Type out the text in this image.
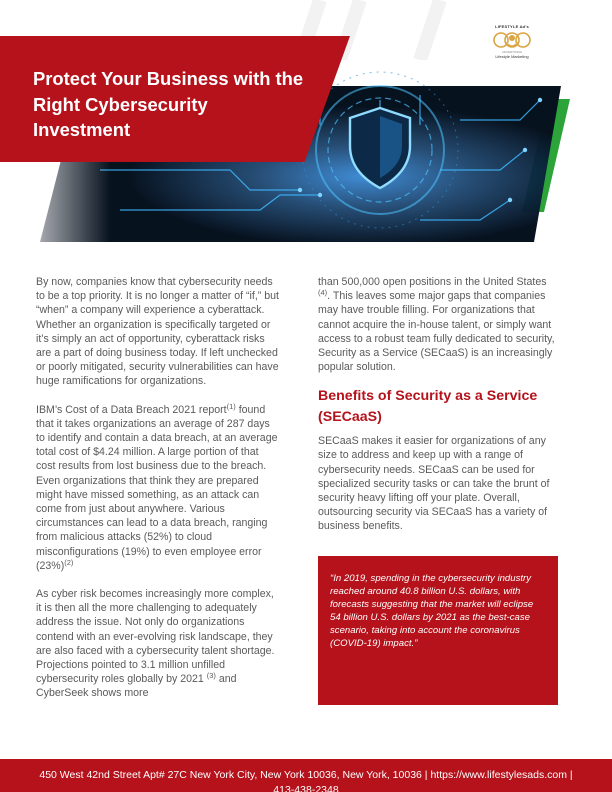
LIFESTYLE Ad's
ADVERTISING
Lifestyle Marketing
Protect Your Business with the Right Cybersecurity Investment

By now, companies know that cybersecurity needs to be a top priority. It is no longer a matter of “if,” but “when” a company will experience a cyberattack. Whether an organization is specifically targeted or it’s simply an act of opportunity, cyberattack risks are a part of doing business today. If left unchecked or poorly mitigated, security vulnerabilities can have huge ramifications for organizations.

IBM’s Cost of a Data Breach 2021 report$^{(1)}$ found that it takes organizations an average of 287 days to identify and contain a data breach, at an average total cost of $4.24 million. A large portion of that cost results from lost business due to the breach. Even organizations that think they are prepared might have missed something, as an attack can come from just about anywhere. Various circumstances can lead to a data breach, ranging from malicious attacks (52%) to cloud misconfigurations (19%) to even employee error $(23\%)^{(2)}$

As cyber risk becomes increasingly more complex, it is then all the more challenging to adequately address the issue. Not only do organizations contend with an ever-evolving risk landscape, they are also faced with a cybersecurity talent shortage. Projections pointed to 3.1 million unfilled cybersecurity roles globally by 2021 $^{(3)}$ and CyberSeek shows more

than 500,000 open positions in the United States $^{(4)}$. This leaves some major gaps that companies may have trouble filling. For organizations that cannot acquire the in-house talent, or simply want access to a robust team fully dedicated to security, Security as a Service (SECaaS) is an increasingly popular solution.

Benefits of Security as a Service (SECaaS)

SECaaS makes it easier for organizations of any size to address and keep up with a range of cybersecurity needs. SECaaS can be used for specialized security tasks or can take the brunt of security heavy lifting off your plate. Overall, outsourcing security via SECaaS has a variety of business benefits.

“In 2019, spending in the cybersecurity industry reached around 40.8 billion U.S. dollars, with forecasts suggesting that the market will eclipse 54 billion U.S. dollars by 2021 as the best-case scenario, taking into account the coronavirus (COVID-19) impact.”

450 West 42nd Street Apt# 27C New York City, New York 10036, New York, 10036 | https://www.lifestylesads.com |
413-438-2348
